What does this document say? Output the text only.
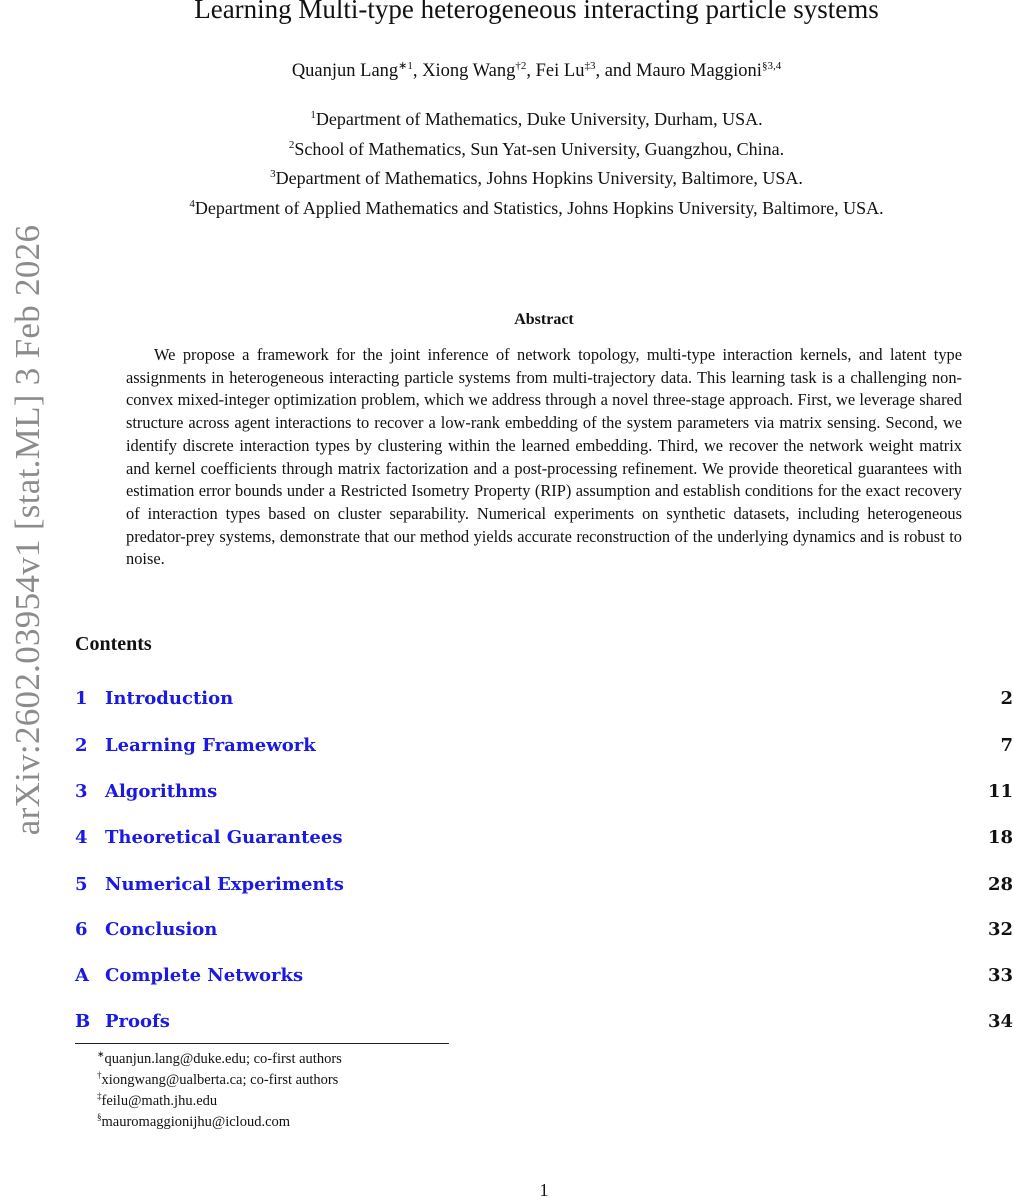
arXiv:2602.03954v1 [stat.ML] 3 Feb 2026
Learning Multi-type heterogeneous interacting particle systems
Quanjun Lang$^{∗1}$, Xiong Wang$^{\dagger 2}$, Fei Lu$^{\ddagger 3}$, and Mauro Maggioni$^{\S 3,4}$
$^1$Department of Mathematics, Duke University, Durham, USA.
$^2$School of Mathematics, Sun Yat-sen University, Guangzhou, China.
$^3$Department of Mathematics, Johns Hopkins University, Baltimore, USA.
$^4$Department of Applied Mathematics and Statistics, Johns Hopkins University, Baltimore, USA.
Abstract

We propose a framework for the joint inference of network topology, multi-type interaction kernels, and latent type assignments in heterogeneous interacting particle systems from multi-trajectory data. This learning task is a challenging non-convex mixed-integer optimization problem, which we address through a novel three-stage approach. First, we leverage shared structure across agent interactions to recover a low-rank embedding of the system parameters via matrix sensing. Second, we identify discrete interaction types by clustering within the learned embedding. Third, we recover the network weight matrix and kernel coefficients through matrix factorization and a post-processing refinement. We provide theoretical guarantees with estimation error bounds under a Restricted Isometry Property (RIP) assumption and establish conditions for the exact recovery of interaction types based on cluster separability. Numerical experiments on synthetic datasets, including heterogeneous predator-prey systems, demonstrate that our method yields accurate reconstruction of the underlying dynamics and is robust to noise.

Contents
1 Introduction	2
2 Learning Framework	7
3 Algorithms	11
4 Theoretical Guarantees	18
5 Numerical Experiments	28
6 Conclusion	32
A Complete Networks	33
B Proofs	34
∗quanjun.lang@duke.edu; co-first authors
†xiongwang@ualberta.ca; co-first authors
‡feilu@math.jhu.edu
§mauromaggionijhu@icloud.com
1
